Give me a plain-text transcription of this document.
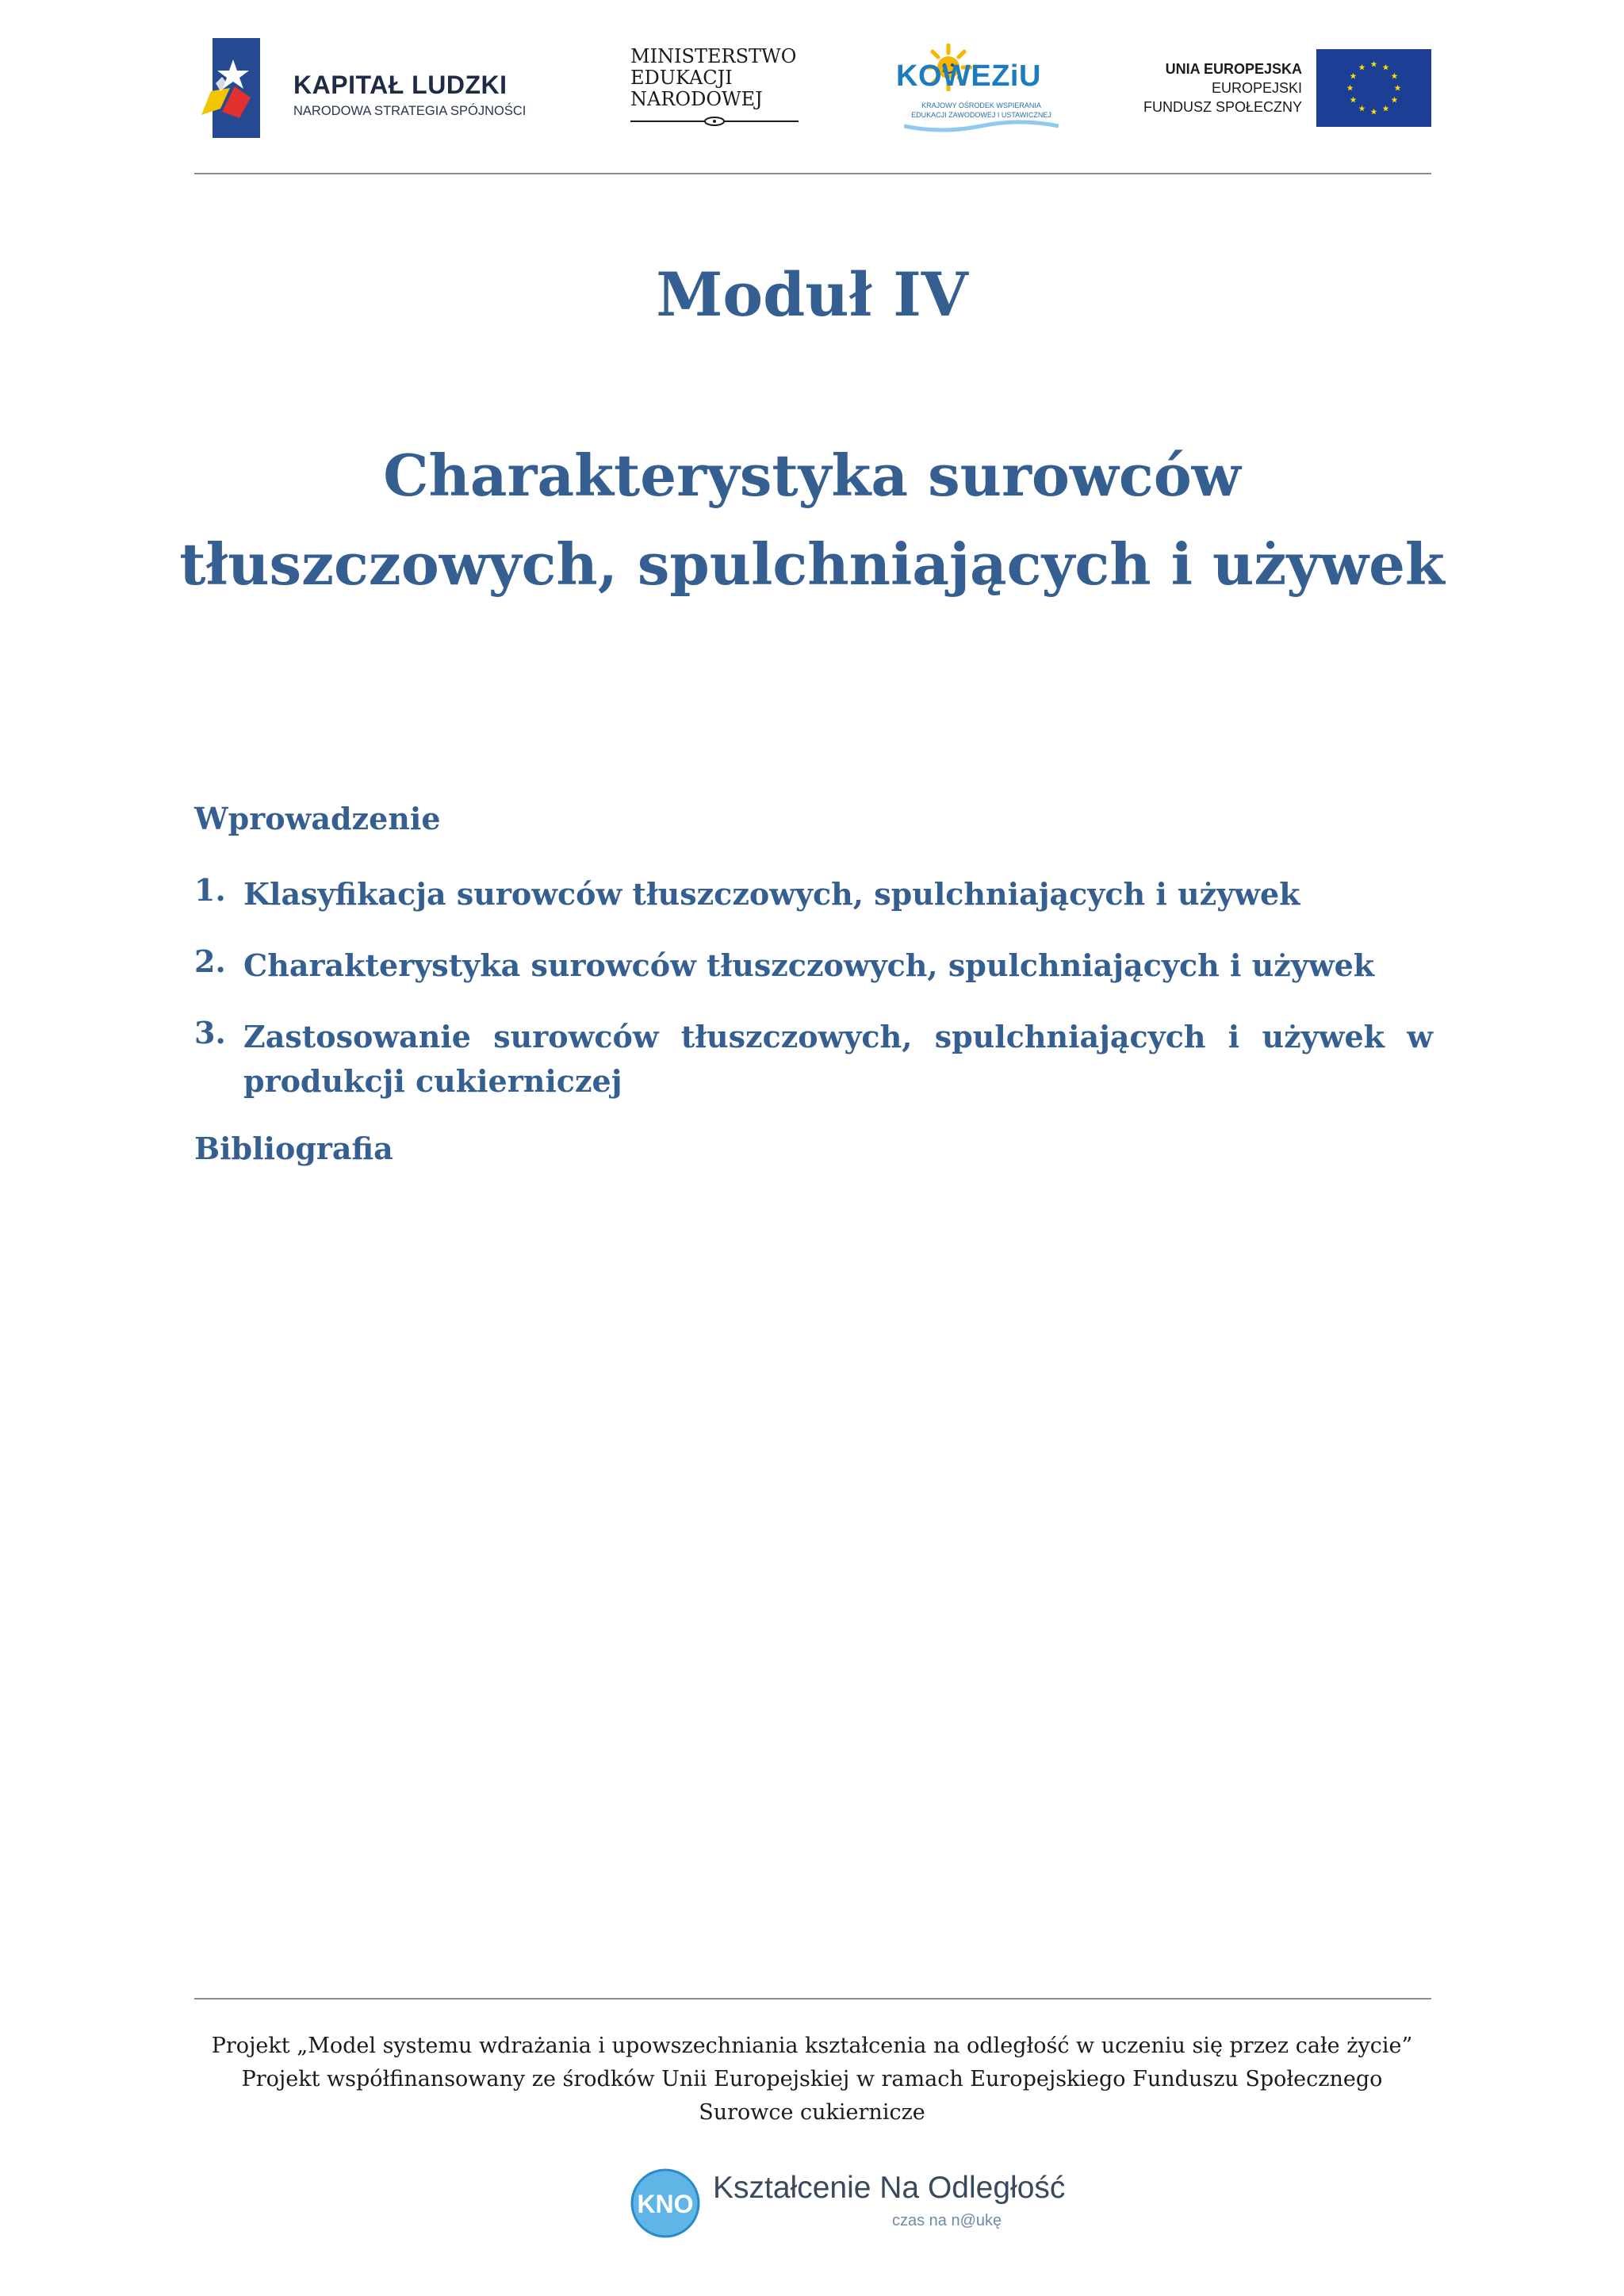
KAPITAŁ LUDZKI
NARODOWA STRATEGIA SPÓJNOŚCI
MINISTERSTWO
EDUKACJI
NARODOWEJ
KOWEZiU
KRAJOWY OŚRODEK WSPIERANIA
EDUKACJI ZAWODOWEJ I USTAWICZNEJ
UNIA EUROPEJSKA
EUROPEJSKI
FUNDUSZ SPOŁECZNY
Moduł IV
Charakterystyka surowców
tłuszczowych, spulchniających i używek
Wprowadzenie
1. Klasyfikacja surowców tłuszczowych, spulchniających i używek
2. Charakterystyka surowców tłuszczowych, spulchniających i używek
3. Zastosowanie surowców tłuszczowych, spulchniających i używek w produkcji cukierniczej
Bibliografia
Projekt „Model systemu wdrażania i upowszechniania kształcenia na odległość w uczeniu się przez całe życie”
Projekt współfinansowany ze środków Unii Europejskiej w ramach Europejskiego Funduszu Społecznego
Surowce cukiernicze
KNO Kształcenie Na Odległość
czas na n@ukę
